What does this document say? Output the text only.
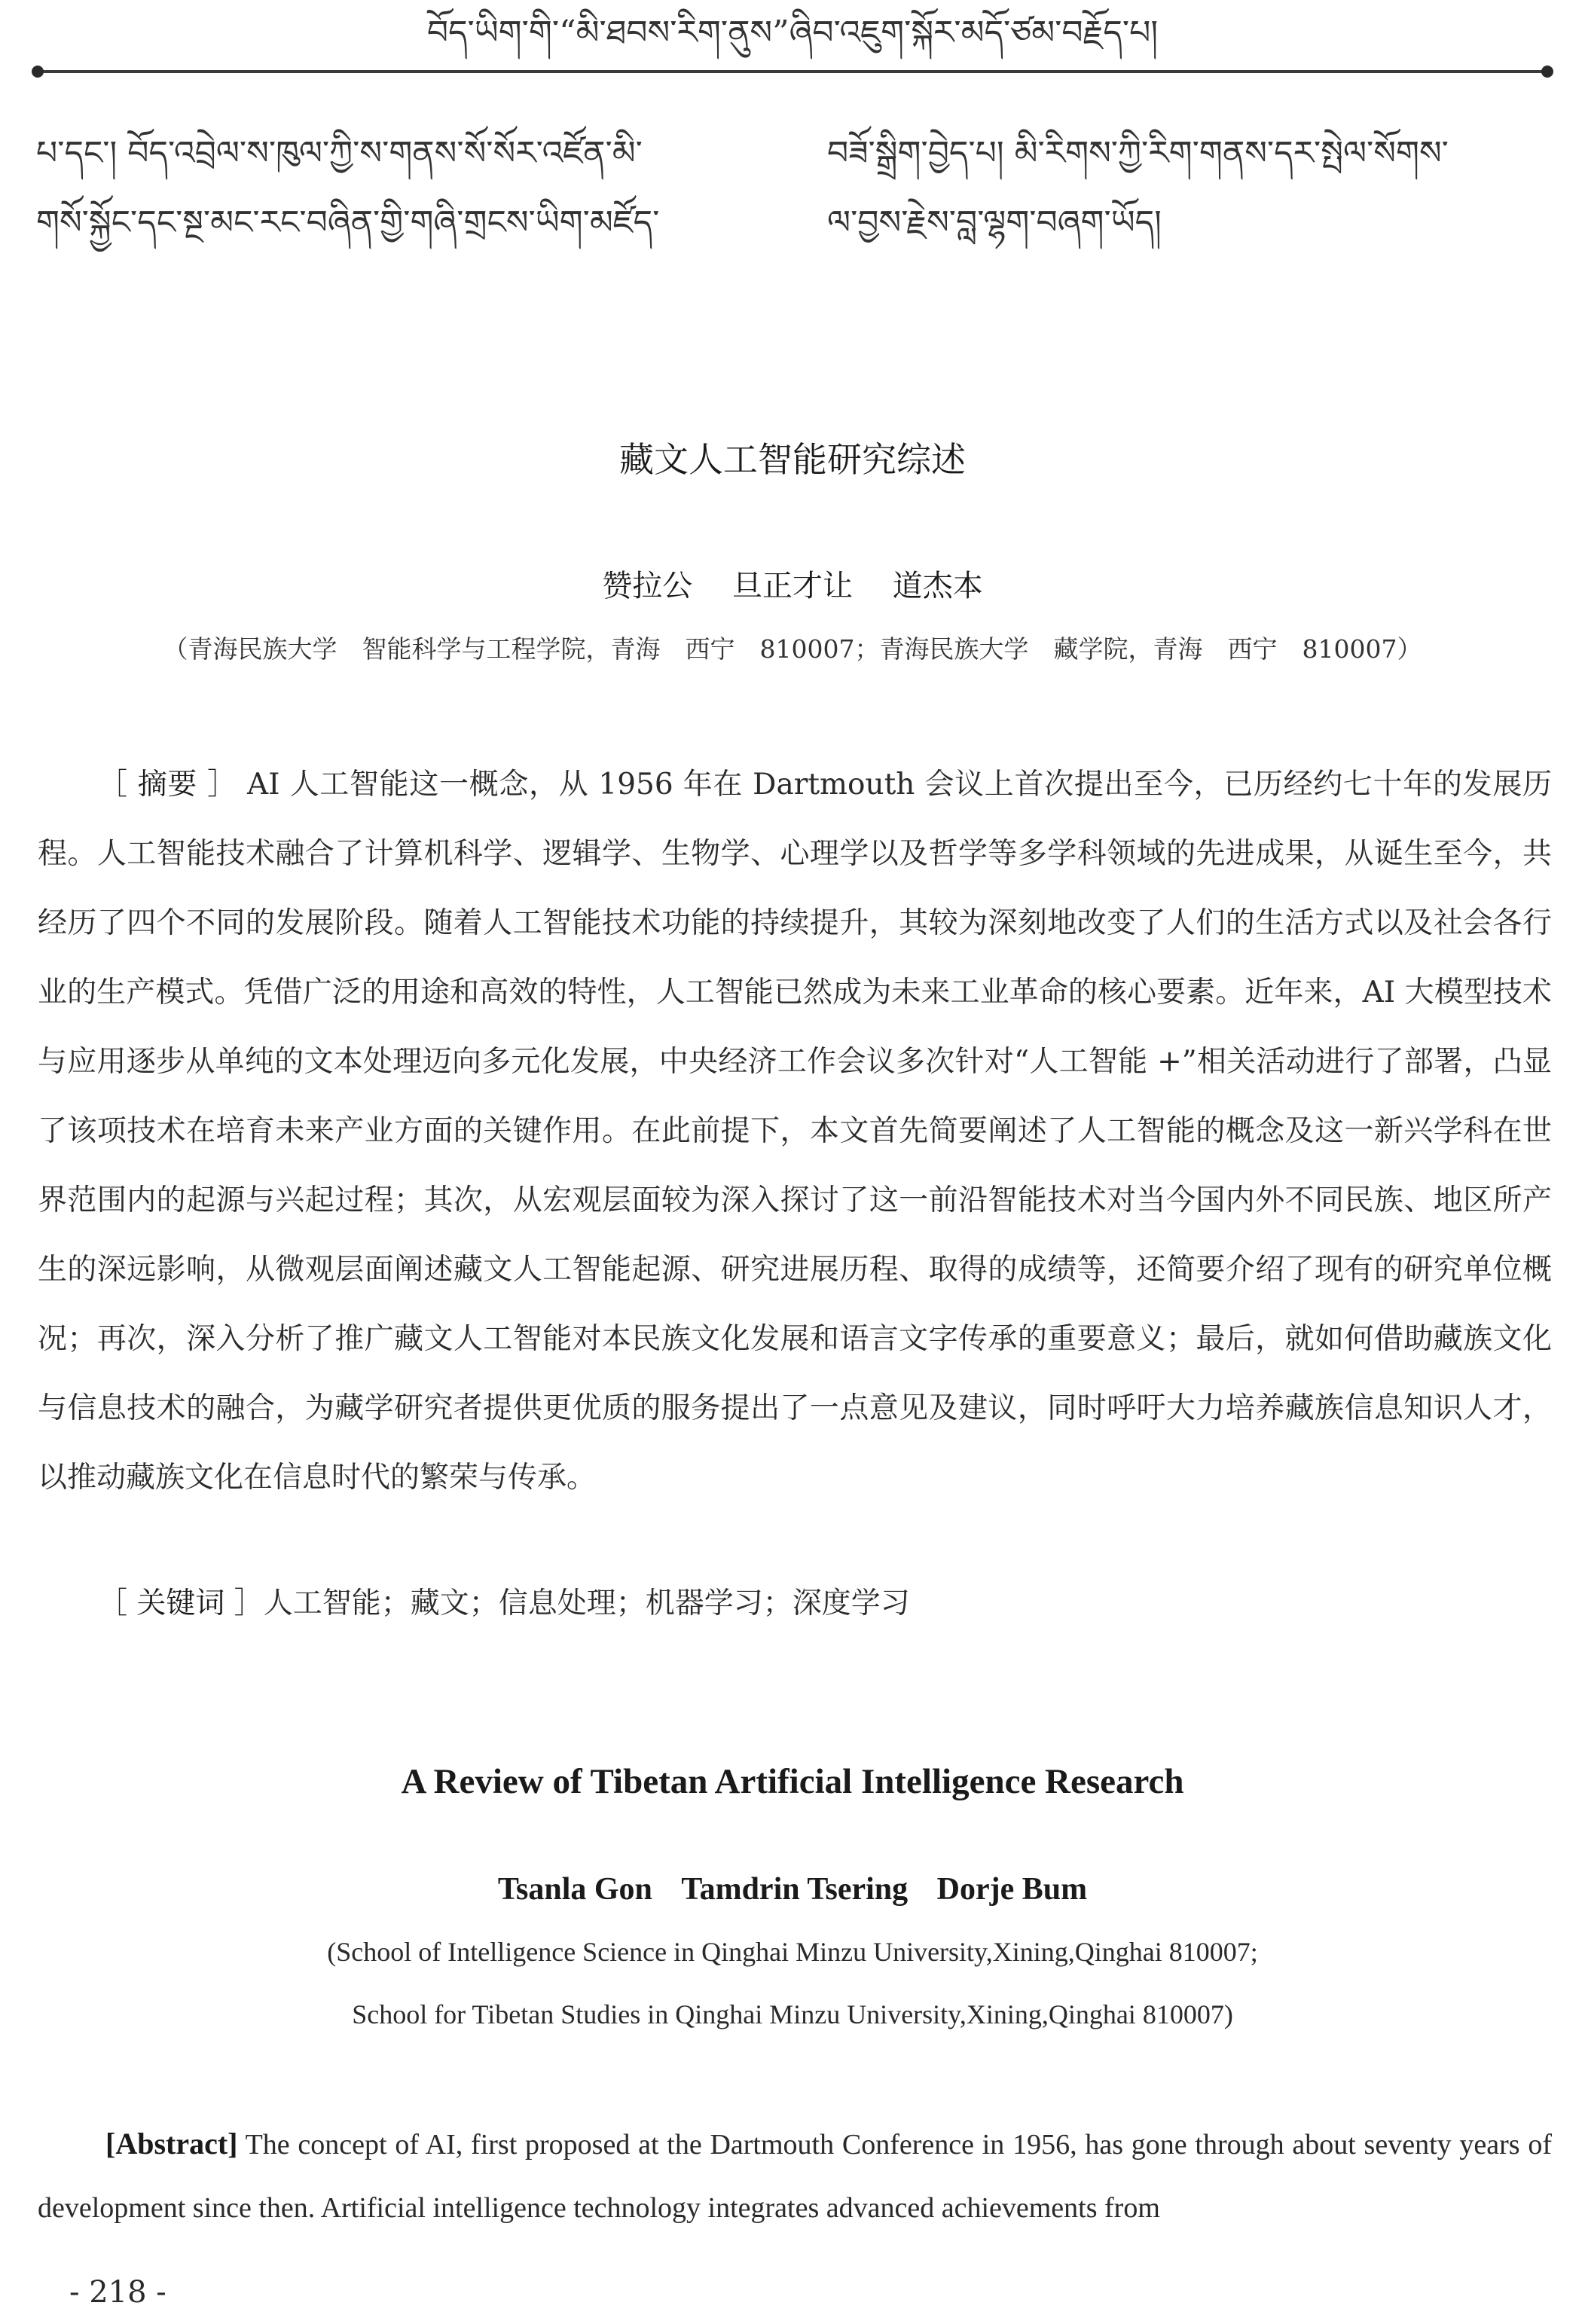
བོད་ཡིག་གི་“མི་ཐབས་རིག་ནུས”ཞིབ་འཇུག་སྐོར་མདོ་ཙམ་བརྗོད་པ།
པ་དང་། བོད་འབྲེལ་ས་ཁུལ་ཀྱི་ས་གནས་སོ་སོར་འཛོན་མི་
གསོ་སྐྱོང་དང་སྔ་མང་རང་བཞིན་གྱི་གཞི་གྲངས་ཡིག་མཛོད་
བཟོ་སྒྲིག་བྱེད་པ། མི་རིགས་ཀྱི་རིག་གནས་དར་སྤེལ་སོགས་
ལ་བྱས་རྗེས་བླ་ལྷག་བཞག་ཡོད།
藏文人工智能研究综述
赞拉公 旦正才让 道杰本
（青海民族大学　智能科学与工程学院，青海　西宁　810007；青海民族大学　藏学院，青海　西宁　810007）
［ 摘要 ］ AI 人工智能这一概念，从 1956 年在 Dartmouth 会议上首次提出至今，已历经约七十年的发展历程。人工智能技术融合了计算机科学、逻辑学、生物学、心理学以及哲学等多学科领域的先进成果，从诞生至今，共经历了四个不同的发展阶段。随着人工智能技术功能的持续提升，其较为深刻地改变了人们的生活方式以及社会各行业的生产模式。凭借广泛的用途和高效的特性，人工智能已然成为未来工业革命的核心要素。近年来，AI 大模型技术与应用逐步从单纯的文本处理迈向多元化发展，中央经济工作会议多次针对“人工智能 +”相关活动进行了部署，凸显了该项技术在培育未来产业方面的关键作用。在此前提下，本文首先简要阐述了人工智能的概念及这一新兴学科在世界范围内的起源与兴起过程；其次，从宏观层面较为深入探讨了这一前沿智能技术对当今国内外不同民族、地区所产生的深远影响，从微观层面阐述藏文人工智能起源、研究进展历程、取得的成绩等，还简要介绍了现有的研究单位概况；再次，深入分析了推广藏文人工智能对本民族文化发展和语言文字传承的重要意义；最后，就如何借助藏族文化与信息技术的融合，为藏学研究者提供更优质的服务提出了一点意见及建议，同时呼吁大力培养藏族信息知识人才，以推动藏族文化在信息时代的繁荣与传承。
［ 关键词 ］人工智能；藏文；信息处理；机器学习；深度学习
A Review of Tibetan Artificial Intelligence Research
Tsanla Gon Tamdrin Tsering Dorje Bum
(School of Intelligence Science in Qinghai Minzu University,Xining,Qinghai 810007;
School for Tibetan Studies in Qinghai Minzu University,Xining,Qinghai 810007)
[Abstract] The concept of AI, first proposed at the Dartmouth Conference in 1956, has gone through about seventy years of development since then. Artificial intelligence technology integrates advanced achievements from
- 218 -
